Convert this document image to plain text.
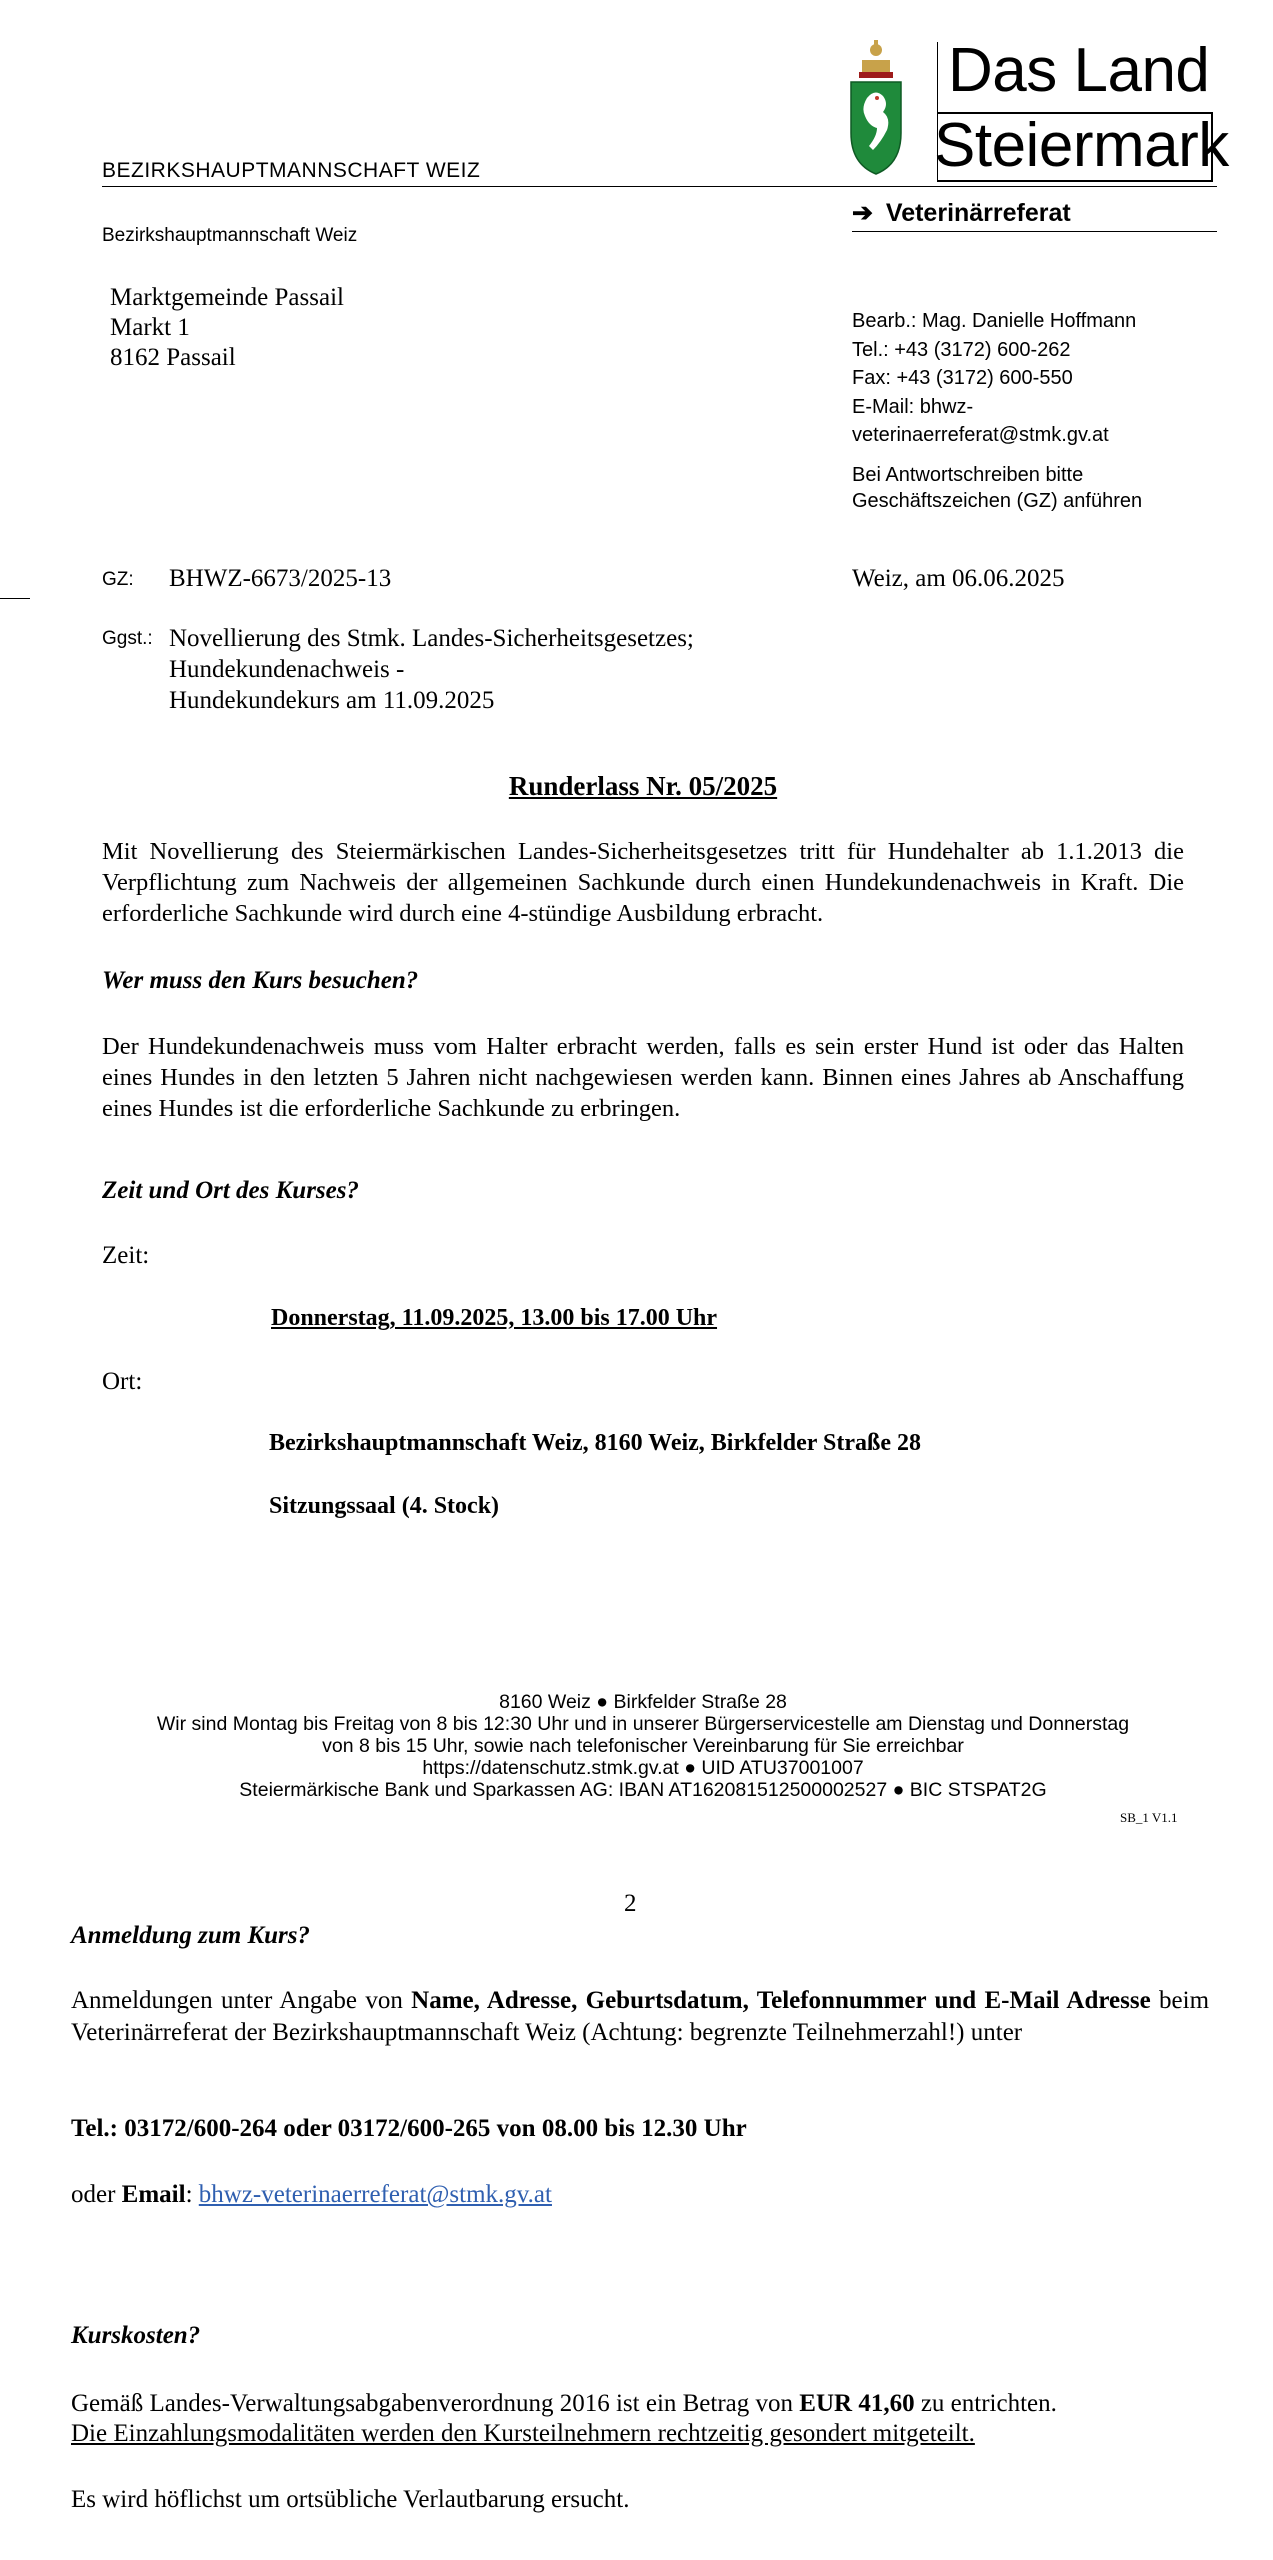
BEZIRKSHAUPTMANNSCHAFT WEIZ
Das Land
Steiermark
➔ Veterinärreferat
Bezirkshauptmannschaft Weiz
Marktgemeinde Passail
Markt 1
8162 Passail
Bearb.: Mag. Danielle Hoffmann
Tel.: +43 (3172) 600-262
Fax: +43 (3172) 600-550
E-Mail: bhwz-
veterinaerreferat@stmk.gv.at
Bei Antwortschreiben bitte
Geschäftszeichen (GZ) anführen
GZ: BHWZ-6673/2025-13	Weiz, am 06.06.2025
Ggst.: Novellierung des Stmk. Landes-Sicherheitsgesetzes;
Hundekundenachweis -
Hundekundekurs am 11.09.2025
Runderlass Nr. 05/2025
Mit Novellierung des Steiermärkischen Landes-Sicherheitsgesetzes tritt für Hundehalter ab 1.1.2013 die Verpflichtung zum Nachweis der allgemeinen Sachkunde durch einen Hundekundenachweis in Kraft. Die erforderliche Sachkunde wird durch eine 4-stündige Ausbildung erbracht.
Wer muss den Kurs besuchen?
Der Hundekundenachweis muss vom Halter erbracht werden, falls es sein erster Hund ist oder das Halten eines Hundes in den letzten 5 Jahren nicht nachgewiesen werden kann. Binnen eines Jahres ab Anschaffung eines Hundes ist die erforderliche Sachkunde zu erbringen.
Zeit und Ort des Kurses?
Zeit:
Donnerstag, 11.09.2025, 13.00 bis 17.00 Uhr
Ort:
Bezirkshauptmannschaft Weiz, 8160 Weiz, Birkfelder Straße 28
Sitzungssaal (4. Stock)
8160 Weiz ● Birkfelder Straße 28
Wir sind Montag bis Freitag von 8 bis 12:30 Uhr und in unserer Bürgerservicestelle am Dienstag und Donnerstag
von 8 bis 15 Uhr, sowie nach telefonischer Vereinbarung für Sie erreichbar
https://datenschutz.stmk.gv.at ● UID ATU37001007
Steiermärkische Bank und Sparkassen AG: IBAN AT162081512500002527 ● BIC STSPAT2G
SB_1 V1.1
2
Anmeldung zum Kurs?
Anmeldungen unter Angabe von Name, Adresse, Geburtsdatum, Telefonnummer und E-Mail Adresse beim Veterinärreferat der Bezirkshauptmannschaft Weiz (Achtung: begrenzte Teilnehmerzahl!) unter
Tel.: 03172/600-264 oder 03172/600-265 von 08.00 bis 12.30 Uhr
oder Email: bhwz-veterinaerreferat@stmk.gv.at
Kurskosten?
Gemäß Landes-Verwaltungsabgabenverordnung 2016 ist ein Betrag von EUR 41,60 zu entrichten.
Die Einzahlungsmodalitäten werden den Kursteilnehmern rechtzeitig gesondert mitgeteilt.
Es wird höflichst um ortsübliche Verlautbarung ersucht.
